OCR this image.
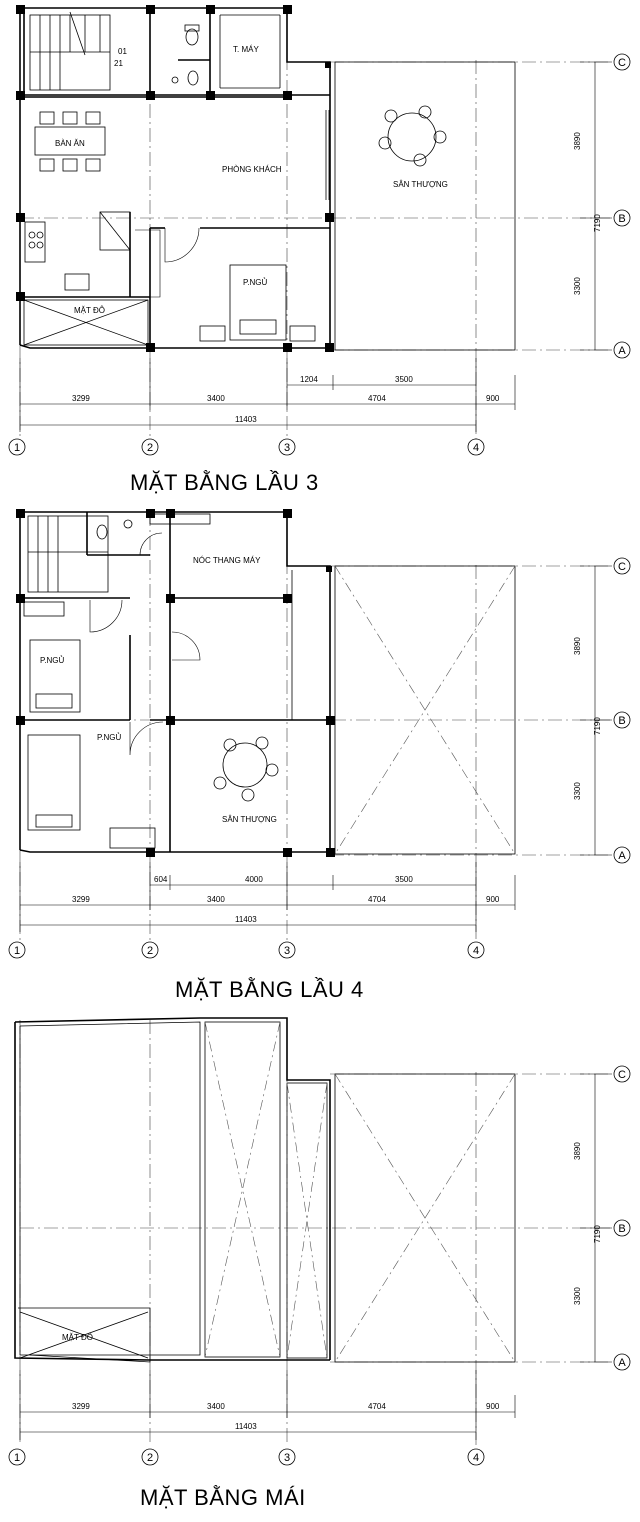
01
21
BÀN ĂN
PHÒNG KHÁCH
T. MÁY
SÂN THƯỢNG
P.NGỦ
MẶT ĐÔ
1204	3500
3299	3400	4704	900
11403
3890
3300
7190
1	2	3	4
C
B
A
MẶT BẰNG LẦU 3
NÓC THANG MÁY
P.NGỦ
P.NGỦ
SÂN THƯỢNG
604	4000	3500
3299	3400	4704	900
11403
3890
3300
7190
1	2	3	4
C
B
A
MẶT BẰNG LẦU 4
MẶT ĐÔ
3299	3400	4704	900
11403
3890
3300
7190
1	2	3	4
C
B
A
MẶT BẰNG MÁI
